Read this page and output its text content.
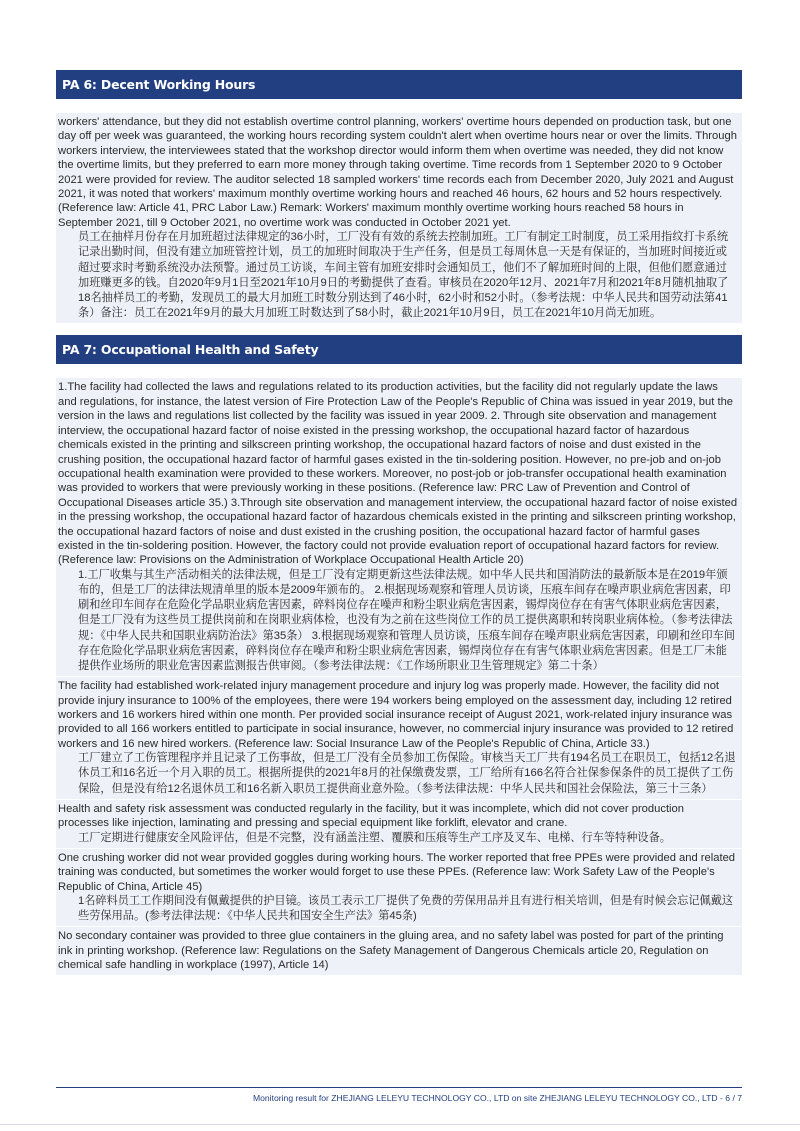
PA 6: Decent Working Hours
workers' attendance, but they did not establish overtime control planning, workers' overtime hours depended on production task, but one day off per week was guaranteed, the working hours recording system couldn't alert when overtime hours near or over the limits. Through workers interview, the interviewees stated that the workshop director would inform them when overtime was needed, they did not know the overtime limits, but they preferred to earn more money through taking overtime. Time records from 1 September 2020 to 9 October 2021 were provided for review. The auditor selected 18 sampled workers' time records each from December 2020, July 2021 and August 2021, it was noted that workers' maximum monthly overtime working hours and reached 46 hours, 62 hours and 52 hours respectively. (Reference law: Article 41, PRC Labor Law.) Remark: Workers' maximum monthly overtime working hours reached 58 hours in September 2021, till 9 October 2021, no overtime work was conducted in October 2021 yet.
员工在抽样月份存在月加班超过法律规定的36小时，工厂没有有效的系统去控制加班。工厂有制定工时制度，员工采用指纹打卡系统记录出勤时间，但没有建立加班管控计划，员工的加班时间取决于生产任务，但是员工每周休息一天是有保证的，当加班时间接近或超过要求时考勤系统没办法预警。通过员工访谈，车间主管有加班安排时会通知员工，他们不了解加班时间的上限，但他们愿意通过加班赚更多的钱。自2020年9月1日至2021年10月9日的考勤提供了查看。审核员在2020年12月、2021年7月和2021年8月随机抽取了18名抽样员工的考勤，发现员工的最大月加班工时数分别达到了46小时，62小时和52小时。（参考法规：中华人民共和国劳动法第41条）备注：员工在2021年9月的最大月加班工时数达到了58小时，截止2021年10月9日，员工在2021年10月尚无加班。
PA 7: Occupational Health and Safety
1.The facility had collected the laws and regulations related to its production activities, but the facility did not regularly update the laws and regulations, for instance, the latest version of Fire Protection Law of the People's Republic of China was issued in year 2019, but the version in the laws and regulations list collected by the facility was issued in year 2009. 2. Through site observation and management interview, the occupational hazard factor of noise existed in the pressing workshop, the occupational hazard factor of hazardous chemicals existed in the printing and silkscreen printing workshop, the occupational hazard factors of noise and dust existed in the crushing position, the occupational hazard factor of harmful gases existed in the tin-soldering position. However, no pre-job and on-job occupational health examination were provided to these workers. Moreover, no post-job or job-transfer occupational health examination was provided to workers that were previously working in these positions. (Reference law: PRC Law of Prevention and Control of Occupational Diseases article 35.) 3.Through site observation and management interview, the occupational hazard factor of noise existed in the pressing workshop, the occupational hazard factor of hazardous chemicals existed in the printing and silkscreen printing workshop, the occupational hazard factors of noise and dust existed in the crushing position, the occupational hazard factor of harmful gases existed in the tin-soldering position. However, the factory could not provide evaluation report of occupational hazard factors for review. (Reference law: Provisions on the Administration of Workplace Occupational Health Article 20)
1.工厂收集与其生产活动相关的法律法规，但是工厂没有定期更新这些法律法规。如中华人民共和国消防法的最新版本是在2019年颁布的，但是工厂的法律法规清单里的版本是2009年颁布的。 2.根据现场观察和管理人员访谈，压痕车间存在噪声职业病危害因素，印刷和丝印车间存在危险化学品职业病危害因素，碎料岗位存在噪声和粉尘职业病危害因素，锡焊岗位存在有害气体职业病危害因素，但是工厂没有为这些员工提供岗前和在岗职业病体检，也没有为之前在这些岗位工作的员工提供离职和转岗职业病体检。（参考法律法规：《中华人民共和国职业病防治法》第35条） 3.根据现场观察和管理人员访谈，压痕车间存在噪声职业病危害因素，印刷和丝印车间存在危险化学品职业病危害因素，碎料岗位存在噪声和粉尘职业病危害因素，锡焊岗位存在有害气体职业病危害因素。但是工厂未能提供作业场所的职业危害因素监测报告供审阅。（参考法律法规：《工作场所职业卫生管理规定》第二十条）
The facility had established work-related injury management procedure and injury log was properly made. However, the facility did not provide injury insurance to 100% of the employees, there were 194 workers being employed on the assessment day, including 12 retired workers and 16 workers hired within one month. Per provided social insurance receipt of August 2021, work-related injury insurance was provided to all 166 workers entitled to participate in social insurance, however, no commercial injury insurance was provided to 12 retired workers and 16 new hired workers. (Reference law: Social Insurance Law of the People's Republic of China, Article 33.)
工厂建立了工伤管理程序并且记录了工伤事故，但是工厂没有全员参加工伤保险。审核当天工厂共有194名员工在职员工，包括12名退休员工和16名近一个月入职的员工。根据所提供的2021年8月的社保缴费发票，工厂给所有166名符合社保参保条件的员工提供了工伤保险，但是没有给12名退休员工和16名新入职员工提供商业意外险。（参考法律法规：中华人民共和国社会保险法，第三十三条）
Health and safety risk assessment was conducted regularly in the facility, but it was incomplete, which did not cover production processes like injection, laminating and pressing and special equipment like forklift, elevator and crane.
工厂定期进行健康安全风险评估，但是不完整，没有涵盖注塑、覆膜和压痕等生产工序及叉车、电梯、行车等特种设备。
One crushing worker did not wear provided goggles during working hours. The worker reported that free PPEs were provided and related training was conducted, but sometimes the worker would forget to use these PPEs. (Reference law: Work Safety Law of the People's Republic of China, Article 45)
1名碎料员工工作期间没有佩戴提供的护目镜。该员工表示工厂提供了免费的劳保用品并且有进行相关培训，但是有时候会忘记佩戴这些劳保用品。(参考法律法规：《中华人民共和国安全生产法》第45条)
No secondary container was provided to three glue containers in the gluing area, and no safety label was posted for part of the printing ink in printing workshop. (Reference law: Regulations on the Safety Management of Dangerous Chemicals article 20, Regulation on chemical safe handling in workplace (1997), Article 14)
Monitoring result for ZHEJIANG LELEYU TECHNOLOGY CO., LTD on site ZHEJIANG LELEYU TECHNOLOGY CO., LTD - 6 / 7
